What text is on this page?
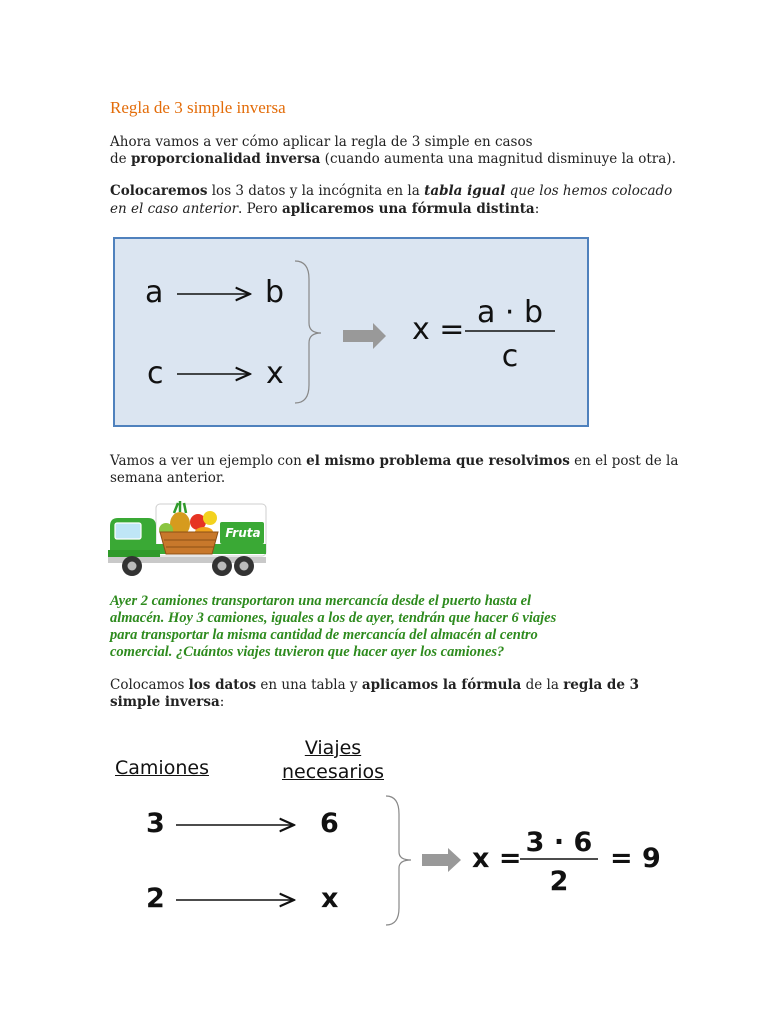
Regla de 3 simple inversa
Ahora vamos a ver cómo aplicar la regla de 3 simple en casos
de proporcionalidad inversa (cuando aumenta una magnitud disminuye la otra).
Colocaremos los 3 datos y la incógnita en la tabla igual que los hemos colocado
en el caso anterior. Pero aplicaremos una fórmula distinta:
a	b
c	x
x = a · b
c
Vamos a ver un ejemplo con el mismo problema que resolvimos en el post de la
semana anterior.
Fruta
Ayer 2 camiones transportaron una mercancía desde el puerto hasta el
almacén. Hoy 3 camiones, iguales a los de ayer, tendrán que hacer 6 viajes
para transportar la misma cantidad de mercancía del almacén al centro
comercial. ¿Cuántos viajes tuvieron que hacer ayer los camiones?
Colocamos los datos en una tabla y aplicamos la fórmula de la regla de 3
simple inversa:
Camiones
Viajes
necesarios
3	6
2	x
x =
3 · 6
2
= 9
